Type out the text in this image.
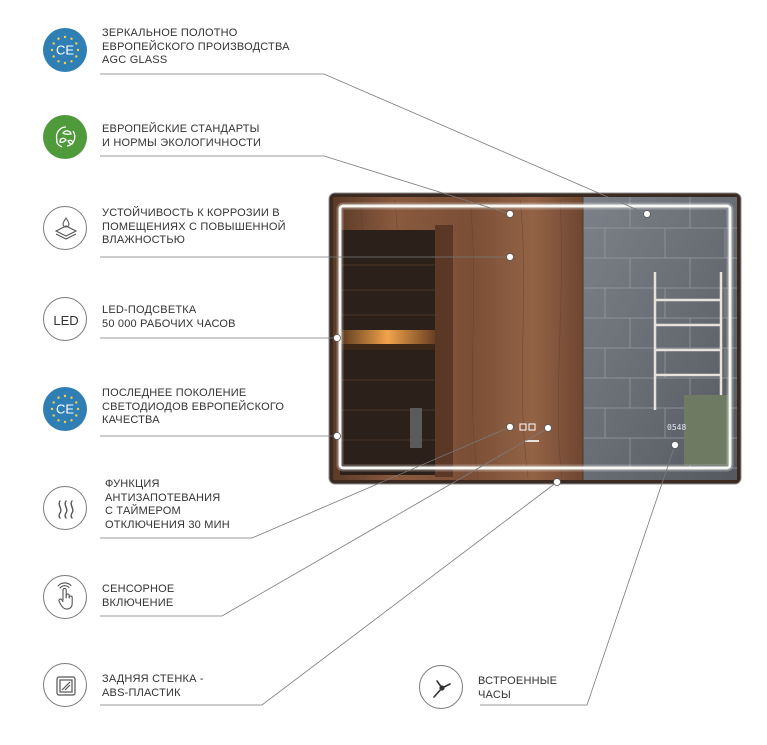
0548
CE
ЗЕРКАЛЬНОЕ ПОЛОТНО
ЕВРОПЕЙСКОГО ПРОИЗВОДСТВА
AGC GLASS
ЕВРОПЕЙСКИЕ СТАНДАРТЫ
И НОРМЫ ЭКОЛОГИЧНОСТИ
УСТОЙЧИВОСТЬ К КОРРОЗИИ В
ПОМЕЩЕНИЯХ С ПОВЫШЕННОЙ
ВЛАЖНОСТЬЮ
LED
LED-ПОДСВЕТКА
50 000 РАБОЧИХ ЧАСОВ
CE
ПОСЛЕДНЕЕ ПОКОЛЕНИЕ
СВЕТОДИОДОВ ЕВРОПЕЙСКОГО
КАЧЕСТВА
ФУНКЦИЯ
АНТИЗАПОТЕВАНИЯ
С ТАЙМЕРОМ
ОТКЛЮЧЕНИЯ 30 МИН
СЕНСОРНОЕ
ВКЛЮЧЕНИЕ
ЗАДНЯЯ СТЕНКА -
ABS-ПЛАСТИК
ВСТРОЕННЫЕ
ЧАСЫ
